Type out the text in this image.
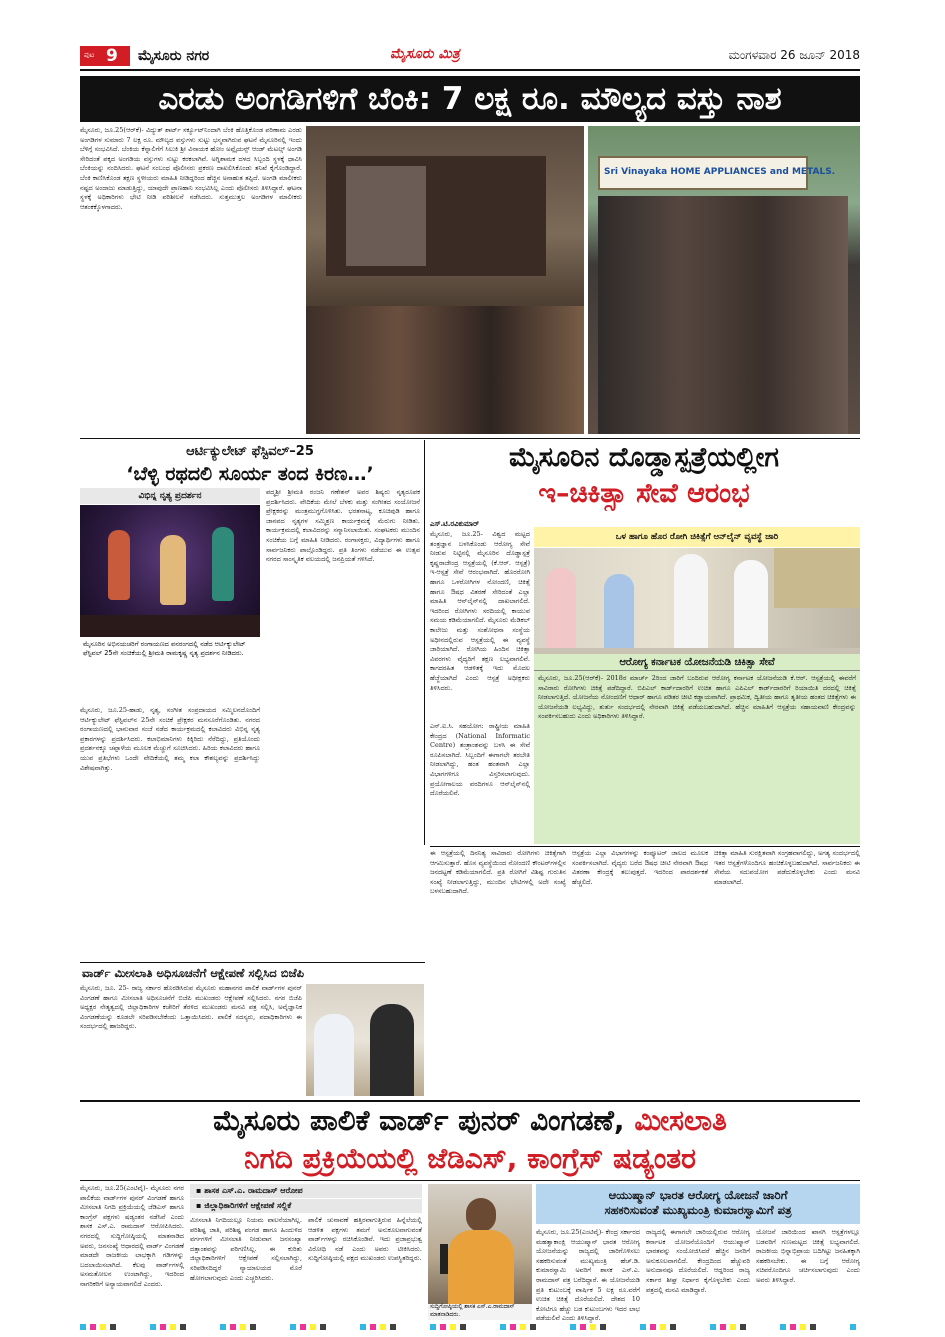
ಪುಟ 9 ಮೈಸೂರು ನಗರ	ಮೈಸೂರು ಮಿತ್ರ	ಮಂಗಳವಾರ 26 ಜೂನ್ 2018
ಎರಡು ಅಂಗಡಿಗಳಿಗೆ ಬೆಂಕಿ: 7 ಲಕ್ಷ ರೂ. ಮೌಲ್ಯದ ವಸ್ತು ನಾಶ
ಮೈಸೂರು, ಜೂ.25(ಆರ್‌ಕೆ)- ವಿದ್ಯುತ್ ಶಾರ್ಟ್ ಸರ್ಕ್ಯೂಟ್‌ನಿಂದಾಗಿ ಬೆಂಕಿ ಹೊತ್ತಿಕೊಂಡ ಪರಿಣಾಮ ಎರಡು ಅಂಗಡಿಗಳ ಸುಮಾರು 7 ಲಕ್ಷ ರೂ. ಮೌಲ್ಯದ ವಸ್ತುಗಳು ಸುಟ್ಟು ಭಸ್ಮವಾಗಿರುವ ಘಟನೆ ಮೈಸೂರಿನಲ್ಲಿ ಇಂದು ಬೆಳಿಗ್ಗೆ ಸಂಭವಿಸಿದೆ. ಬೆಂಕಿಯ ಕೆನ್ನಾಲಿಗೆಗೆ ಸಿಲುಕಿ ಶ್ರೀ ವಿನಾಯಕ ಹೋಂ ಅಪ್ಲೈಯನ್ಸ್ ಆಂಡ್ ಮೆಟಲ್ಸ್ ಅಂಗಡಿ ಸೇರಿದಂತೆ ಪಕ್ಕದ ಅಂಗಡಿಯ ವಸ್ತುಗಳು ಸುಟ್ಟು ಕರಕಲಾಗಿವೆ. ಅಗ್ನಿಶಾಮಕ ದಳದ ಸಿಬ್ಬಂದಿ ಸ್ಥಳಕ್ಕೆ ಧಾವಿಸಿ ಬೆಂಕಿಯನ್ನು ನಂದಿಸಿದರು. ಘಟನೆ ಸಂಬಂಧ ಪೊಲೀಸರು ಪ್ರಕರಣ ದಾಖಲಿಸಿಕೊಂಡು ತನಿಖೆ ಕೈಗೊಂಡಿದ್ದಾರೆ. ಬೆಂಕಿ ಕಾಣಿಸಿಕೊಂಡ ತಕ್ಷಣ ಸ್ಥಳೀಯರು ಮಾಹಿತಿ ನೀಡಿದ್ದರಿಂದ ಹೆಚ್ಚಿನ ಅನಾಹುತ ತಪ್ಪಿದೆ. ಅಂಗಡಿ ಮಾಲೀಕರು ನಷ್ಟದ ಅಂದಾಜು ಮಾಡುತ್ತಿದ್ದು, ಯಾವುದೇ ಪ್ರಾಣಹಾನಿ ಸಂಭವಿಸಿಲ್ಲ ಎಂದು ಪೊಲೀಸರು ತಿಳಿಸಿದ್ದಾರೆ. ಘಟನಾ ಸ್ಥಳಕ್ಕೆ ಅಧಿಕಾರಿಗಳು ಭೇಟಿ ನೀಡಿ ಪರಿಶೀಲನೆ ನಡೆಸಿದರು. ಸುತ್ತಮುತ್ತಲ ಅಂಗಡಿಗಳ ಮಾಲೀಕರು ಆತಂಕಕ್ಕೊಳಗಾದರು.
Sri Vinayaka HOME APPLIANCES and METALS.
ಆರ್ಟಿಕ್ಯುಲೇಟ್ ಫೆಸ್ಟಿವಲ್–25
‘ಬೆಳ್ಳಿ ರಥದಲಿ ಸೂರ್ಯ ತಂದ ಕಿರಣ…’
ವಿಭಿನ್ನ ನೃತ್ಯ ಪ್ರದರ್ಶನ
ಮೈಸೂರಿನ ಅಭಿನಯಚರಿಗೆ ರಂಗಾಯಣದ ವನರಂಗದಲ್ಲಿ ನಡೆದ ಆರ್ಟಿಕ್ಯುಲೇಟ್ ಫೆಸ್ಟಿವಲ್ 25ನೇ ಸಂಚಿಕೆಯಲ್ಲಿ ಶ್ರೀಮತಿ ರಾಮಕೃಷ್ಣ ನೃತ್ಯ ಪ್ರದರ್ಶನ ನೀಡಿದರು.
ಮೈಸೂರು, ಜೂ.25-ಹಾಡು, ನೃತ್ಯ, ಸಂಗೀತ ಸಂಪ್ರದಾಯದ ಸಮ್ಮಿಲನದೊಂದಿಗೆ ಆರ್ಟಿಕ್ಯುಲೇಟ್ ಫೆಸ್ಟಿವಲ್‌ನ 25ನೇ ಸಂಚಿಕೆ ಪ್ರೇಕ್ಷಕರ ಮನಸೂರೆಗೊಂಡಿತು. ನಗರದ ರಂಗಾಯಣದಲ್ಲಿ ಭಾನುವಾರ ಸಂಜೆ ನಡೆದ ಕಾರ್ಯಕ್ರಮದಲ್ಲಿ ಕಲಾವಿದರು ವಿಭಿನ್ನ ನೃತ್ಯ ಪ್ರಕಾರಗಳನ್ನು ಪ್ರದರ್ಶಿಸಿದರು. ಕಲಾಭಿಮಾನಿಗಳು ಕಿಕ್ಕಿರಿದು ನೆರೆದಿದ್ದು, ಪ್ರತಿಯೊಂದು ಪ್ರದರ್ಶನಕ್ಕೂ ಚಪ್ಪಾಳೆಯ ಮೂಲಕ ಮೆಚ್ಚುಗೆ ಸೂಚಿಸಿದರು. ಹಿರಿಯ ಕಲಾವಿದರು ಹಾಗೂ ಯುವ ಪ್ರತಿಭೆಗಳು ಒಂದೇ ವೇದಿಕೆಯಲ್ಲಿ ತಮ್ಮ ಕಲಾ ಕೌಶಲ್ಯವನ್ನು ಪ್ರದರ್ಶಿಸಿದ್ದು ವಿಶೇಷವಾಗಿತ್ತು.
ಪದ್ಮಶ್ರೀ ಶ್ರೀಮತಿ ರಂಜನಿ ಗಣೇಶನ್ ಅವರ ಶಿಷ್ಯರು ನೃತ್ಯರೂಪಕ ಪ್ರದರ್ಶಿಸಿದರು. ವೇದಿಕೆಯ ಮೇಲೆ ಬೆಳಕು ಮತ್ತು ಸಂಗೀತದ ಸಂಯೋಜನೆ ಪ್ರೇಕ್ಷಕರನ್ನು ಮಂತ್ರಮುಗ್ಧಗೊಳಿಸಿತು. ಭರತನಾಟ್ಯ, ಕೂಚಿಪುಡಿ ಹಾಗೂ ಜಾನಪದ ನೃತ್ಯಗಳ ಸಮ್ಮಿಶ್ರಣ ಕಾರ್ಯಕ್ರಮಕ್ಕೆ ಮೆರುಗು ನೀಡಿತು. ಕಾರ್ಯಕ್ರಮದಲ್ಲಿ ಕಲಾವಿದರನ್ನು ಸನ್ಮಾನಿಸಲಾಯಿತು. ಸಂಘಟಕರು ಮುಂದಿನ ಸಂಚಿಕೆಯ ಬಗ್ಗೆ ಮಾಹಿತಿ ನೀಡಿದರು. ರಂಗಾಸಕ್ತರು, ವಿದ್ಯಾರ್ಥಿಗಳು ಹಾಗೂ ಸಾರ್ವಜನಿಕರು ಪಾಲ್ಗೊಂಡಿದ್ದರು. ಪ್ರತಿ ತಿಂಗಳು ನಡೆಯುವ ಈ ಉತ್ಸವ ನಗರದ ಸಾಂಸ್ಕೃತಿಕ ವಲಯದಲ್ಲಿ ಜನಪ್ರಿಯತೆ ಗಳಿಸಿದೆ.
ಮೈಸೂರಿನ ದೊಡ್ಡಾಸ್ಪತ್ರೆಯಲ್ಲೀಗ
ಇ–ಚಿಕಿತ್ಸಾ ಸೇವೆ ಆರಂಭ
ಎಸ್.ಟಿ.ರವಿಕುಮಾರ್
ಮೈಸೂರು, ಜೂ.25- ವಿಶ್ವದ ಮಟ್ಟದ ತಂತ್ರಜ್ಞಾನ ಬಳಸಿಕೊಂಡು ಆರೋಗ್ಯ ಸೇವೆ ನೀಡುವ ನಿಟ್ಟಿನಲ್ಲಿ ಮೈಸೂರಿನ ದೊಡ್ಡಾಸ್ಪತ್ರೆ ಕೃಷ್ಣರಾಜೇಂದ್ರ ಆಸ್ಪತ್ರೆಯಲ್ಲಿ (ಕೆ.ಆರ್. ಆಸ್ಪತ್ರೆ) ಇ-ಆಸ್ಪತ್ರೆ ಸೇವೆ ಆರಂಭವಾಗಿದೆ. ಹೊರರೋಗಿ ಹಾಗೂ ಒಳರೋಗಿಗಳ ನೋಂದಣಿ, ಚಿಕಿತ್ಸೆ ಹಾಗೂ ಔಷಧ ವಿತರಣೆ ಸೇರಿದಂತೆ ಎಲ್ಲಾ ಮಾಹಿತಿ ಆನ್‌ಲೈನ್‌ನಲ್ಲಿ ದಾಖಲಾಗಲಿದೆ. ಇದರಿಂದ ರೋಗಿಗಳು ಸರದಿಯಲ್ಲಿ ಕಾಯುವ ಸಮಯ ಕಡಿಮೆಯಾಗಲಿದೆ. ಮೈಸೂರು ಮೆಡಿಕಲ್ ಕಾಲೇಜು ಮತ್ತು ಸಂಶೋಧನಾ ಸಂಸ್ಥೆಯ ಅಧೀನದಲ್ಲಿರುವ ಆಸ್ಪತ್ರೆಯಲ್ಲಿ ಈ ವ್ಯವಸ್ಥೆ ಜಾರಿಯಾಗಿದೆ. ರೋಗಿಯ ಹಿಂದಿನ ಚಿಕಿತ್ಸಾ ವಿವರಗಳು ವೈದ್ಯರಿಗೆ ತಕ್ಷಣ ಲಭ್ಯವಾಗಲಿವೆ. ಕಾಗದರಹಿತ ಆಡಳಿತಕ್ಕೆ ಇದು ಮೊದಲ ಹೆಜ್ಜೆಯಾಗಿದೆ ಎಂದು ಆಸ್ಪತ್ರೆ ಅಧೀಕ್ಷಕರು ತಿಳಿಸಿದರು.
ಎನ್.ಐ.ಸಿ. ಸಹಯೋಗ: ರಾಷ್ಟ್ರೀಯ ಮಾಹಿತಿ ಕೇಂದ್ರದ (National Informatic Centre) ತಂತ್ರಾಂಶವನ್ನು ಬಳಸಿ ಈ ಸೇವೆ ರೂಪಿಸಲಾಗಿದೆ. ಸಿಬ್ಬಂದಿಗೆ ಈಗಾಗಲೇ ತರಬೇತಿ ನೀಡಲಾಗಿದ್ದು, ಹಂತ ಹಂತವಾಗಿ ಎಲ್ಲಾ ವಿಭಾಗಗಳಿಗೂ ವಿಸ್ತರಿಸಲಾಗುವುದು. ಪ್ರಯೋಗಾಲಯ ವರದಿಗಳೂ ಆನ್‌ಲೈನ್‌ನಲ್ಲಿ ದೊರೆಯಲಿವೆ.
ಒಳ ಹಾಗೂ ಹೊರ ರೋಗಿ ಚಿಕಿತ್ಸೆಗೆ ಆನ್‌ಲೈನ್ ವ್ಯವಸ್ಥೆ ಜಾರಿ
ಆರೋಗ್ಯ ಕರ್ನಾಟಕ ಯೋಜನೆಯಡಿ ಚಿಕಿತ್ಸಾ ಸೇವೆ
ಮೈಸೂರು, ಜೂ.25(ಆರ್‌ಕೆ)- 2018ರ ಮಾರ್ಚ್ 2ರಿಂದ ಜಾರಿಗೆ ಬಂದಿರುವ ಆರೋಗ್ಯ ಕರ್ನಾಟಕ ಯೋಜನೆಯಡಿ ಕೆ.ಆರ್. ಆಸ್ಪತ್ರೆಯಲ್ಲಿ ಈವರೆಗೆ ಸಾವಿರಾರು ರೋಗಿಗಳು ಚಿಕಿತ್ಸೆ ಪಡೆದಿದ್ದಾರೆ. ಬಿಪಿಎಲ್ ಕಾರ್ಡ್‌ದಾರರಿಗೆ ಉಚಿತ ಹಾಗೂ ಎಪಿಎಲ್ ಕಾರ್ಡ್‌ದಾರರಿಗೆ ರಿಯಾಯಿತಿ ದರದಲ್ಲಿ ಚಿಕಿತ್ಸೆ ನೀಡಲಾಗುತ್ತಿದೆ. ಯೋಜನೆಯ ನೋಂದಣಿಗೆ ಆಧಾರ್ ಹಾಗೂ ಪಡಿತರ ಚೀಟಿ ಕಡ್ಡಾಯವಾಗಿದೆ. ಪ್ರಾಥಮಿಕ, ದ್ವಿತೀಯ ಹಾಗೂ ತೃತೀಯ ಹಂತದ ಚಿಕಿತ್ಸೆಗಳು ಈ ಯೋಜನೆಯಡಿ ಲಭ್ಯವಿದ್ದು, ತುರ್ತು ಸಂದರ್ಭದಲ್ಲಿ ನೇರವಾಗಿ ಚಿಕಿತ್ಸೆ ಪಡೆಯಬಹುದಾಗಿದೆ. ಹೆಚ್ಚಿನ ಮಾಹಿತಿಗೆ ಆಸ್ಪತ್ರೆಯ ಸಹಾಯವಾಣಿ ಕೇಂದ್ರವನ್ನು ಸಂಪರ್ಕಿಸಬಹುದು ಎಂದು ಅಧಿಕಾರಿಗಳು ತಿಳಿಸಿದ್ದಾರೆ.
ವಾರ್ಡ್ ಮೀಸಲಾತಿ ಅಧಿಸೂಚನೆಗೆ ಆಕ್ಷೇಪಣೆ ಸಲ್ಲಿಸಿದ ಬಿಜೆಪಿ
ಮೈಸೂರು, ಜೂ. 25- ರಾಜ್ಯ ಸರ್ಕಾರ ಹೊರಡಿಸಿರುವ ಮೈಸೂರು ಮಹಾನಗರ ಪಾಲಿಕೆ ವಾರ್ಡ್‌ಗಳ ಪುನರ್ ವಿಂಗಡಣೆ ಹಾಗೂ ಮೀಸಲಾತಿ ಅಧಿಸೂಚನೆಗೆ ಬಿಜೆಪಿ ಮುಖಂಡರು ಆಕ್ಷೇಪಣೆ ಸಲ್ಲಿಸಿದರು. ನಗರ ಬಿಜೆಪಿ ಅಧ್ಯಕ್ಷರ ನೇತೃತ್ವದಲ್ಲಿ ಜಿಲ್ಲಾಧಿಕಾರಿಗಳ ಕಚೇರಿಗೆ ತೆರಳಿದ ಮುಖಂಡರು ಮನವಿ ಪತ್ರ ಸಲ್ಲಿಸಿ, ಅವೈಜ್ಞಾನಿಕ ವಿಂಗಡಣೆಯನ್ನು ಕೂಡಲೇ ಸರಿಪಡಿಸಬೇಕೆಂದು ಒತ್ತಾಯಿಸಿದರು. ಪಾಲಿಕೆ ಸದಸ್ಯರು, ಪದಾಧಿಕಾರಿಗಳು ಈ ಸಂದರ್ಭದಲ್ಲಿ ಹಾಜರಿದ್ದರು.
ಈ ಆಸ್ಪತ್ರೆಯಲ್ಲಿ ದಿನನಿತ್ಯ ಸಾವಿರಾರು ರೋಗಿಗಳು ಚಿಕಿತ್ಸೆಗಾಗಿ ಆಗಮಿಸುತ್ತಾರೆ. ಹೊಸ ವ್ಯವಸ್ಥೆಯಿಂದ ನೋಂದಣಿ ಕೌಂಟರ್‌ಗಳಲ್ಲಿನ ಜನದಟ್ಟಣೆ ಕಡಿಮೆಯಾಗಲಿದೆ. ಪ್ರತಿ ರೋಗಿಗೆ ವಿಶಿಷ್ಟ ಗುರುತಿನ ಸಂಖ್ಯೆ ನೀಡಲಾಗುತ್ತಿದ್ದು, ಮುಂದಿನ ಭೇಟಿಗಳಲ್ಲಿ ಅದೇ ಸಂಖ್ಯೆ ಬಳಸಬಹುದಾಗಿದೆ.
ಆಸ್ಪತ್ರೆಯ ಎಲ್ಲಾ ವಿಭಾಗಗಳನ್ನು ಕಂಪ್ಯೂಟರ್ ಜಾಲದ ಮೂಲಕ ಸಂಪರ್ಕಿಸಲಾಗಿದೆ. ವೈದ್ಯರು ಬರೆದ ಔಷಧ ಚೀಟಿ ನೇರವಾಗಿ ಔಷಧ ವಿತರಣಾ ಕೇಂದ್ರಕ್ಕೆ ತಲುಪುತ್ತದೆ. ಇದರಿಂದ ಪಾರದರ್ಶಕತೆ ಹೆಚ್ಚಲಿದೆ.
ಚಿಕಿತ್ಸಾ ಮಾಹಿತಿ ಸುರಕ್ಷಿತವಾಗಿ ಸಂಗ್ರಹವಾಗಲಿದ್ದು, ಅಗತ್ಯ ಸಂದರ್ಭದಲ್ಲಿ ಇತರ ಆಸ್ಪತ್ರೆಗಳೊಂದಿಗೂ ಹಂಚಿಕೊಳ್ಳಬಹುದಾಗಿದೆ. ಸಾರ್ವಜನಿಕರು ಈ ಸೇವೆಯ ಸದುಪಯೋಗ ಪಡೆದುಕೊಳ್ಳಬೇಕು ಎಂದು ಮನವಿ ಮಾಡಲಾಗಿದೆ.
ಮೈಸೂರು ಪಾಲಿಕೆ ವಾರ್ಡ್ ಪುನರ್ ವಿಂಗಡಣೆ, ಮೀಸಲಾತಿ
ನಿಗದಿ ಪ್ರಕ್ರಿಯೆಯಲ್ಲಿ ಜೆಡಿಎಸ್, ಕಾಂಗ್ರೆಸ್ ಷಡ್ಯಂತರ
ಮೈಸೂರು, ಜೂ.25(ಎಂಟಿವೈ)- ಮೈಸೂರು ನಗರ ಪಾಲಿಕೆಯ ವಾರ್ಡ್‌ಗಳ ಪುನರ್ ವಿಂಗಡಣೆ ಹಾಗೂ ಮೀಸಲಾತಿ ನಿಗದಿ ಪ್ರಕ್ರಿಯೆಯಲ್ಲಿ ಜೆಡಿಎಸ್ ಹಾಗೂ ಕಾಂಗ್ರೆಸ್ ಪಕ್ಷಗಳು ಷಡ್ಯಂತರ ನಡೆಸಿವೆ ಎಂದು ಶಾಸಕ ಎಸ್.ಎ. ರಾಮದಾಸ್ ಆರೋಪಿಸಿದರು. ನಗರದಲ್ಲಿ ಸುದ್ದಿಗೋಷ್ಠಿಯಲ್ಲಿ ಮಾತನಾಡಿದ ಅವರು, ಜನಸಂಖ್ಯೆ ಆಧಾರದಲ್ಲಿ ವಾರ್ಡ್ ವಿಂಗಡಣೆ ಮಾಡದೇ ರಾಜಕೀಯ ಲಾಭಕ್ಕಾಗಿ ಗಡಿಗಳನ್ನು ಬದಲಾಯಿಸಲಾಗಿದೆ. ಕೆಲವು ವಾರ್ಡ್‌ಗಳಲ್ಲಿ ಅಸಮತೋಲನ ಉಂಟಾಗಿದ್ದು, ಇದರಿಂದ ನಾಗರಿಕರಿಗೆ ಅನ್ಯಾಯವಾಗಲಿದೆ ಎಂದರು.
▪ ಶಾಸಕ ಎಸ್.ಎ. ರಾಮದಾಸ್ ಆರೋಪ
▪ ಜಿಲ್ಲಾಧಿಕಾರಿಗಳಿಗೆ ಆಕ್ಷೇಪಣೆ ಸಲ್ಲಿಕೆ
ಮೀಸಲಾತಿ ನಿಗದಿಯಲ್ಲೂ ನಿಯಮ ಪಾಲನೆಯಾಗಿಲ್ಲ. ಪರಿಶಿಷ್ಟ ಜಾತಿ, ಪರಿಶಿಷ್ಟ ಪಂಗಡ ಹಾಗೂ ಹಿಂದುಳಿದ ವರ್ಗಗಳಿಗೆ ಮೀಸಲಾತಿ ನೀಡುವಾಗ ಜನಸಂಖ್ಯಾ ದತ್ತಾಂಶವನ್ನು ಪರಿಗಣಿಸಿಲ್ಲ. ಈ ಕುರಿತು ಜಿಲ್ಲಾಧಿಕಾರಿಗಳಿಗೆ ಆಕ್ಷೇಪಣೆ ಸಲ್ಲಿಸಲಾಗಿದ್ದು, ಸರಿಪಡಿಸದಿದ್ದರೆ ನ್ಯಾಯಾಲಯದ ಮೊರೆ ಹೋಗಲಾಗುವುದು ಎಂದು ಎಚ್ಚರಿಸಿದರು.
ಪಾಲಿಕೆ ಚುನಾವಣೆ ಹತ್ತಿರವಾಗುತ್ತಿರುವ ಹಿನ್ನೆಲೆಯಲ್ಲಿ ಆಡಳಿತ ಪಕ್ಷಗಳು ತಮಗೆ ಅನುಕೂಲವಾಗುವಂತೆ ವಾರ್ಡ್‌ಗಳನ್ನು ರಚಿಸಿಕೊಂಡಿವೆ. ಇದು ಪ್ರಜಾಪ್ರಭುತ್ವ ವಿರೋಧಿ ನಡೆ ಎಂದು ಅವರು ಟೀಕಿಸಿದರು. ಸುದ್ದಿಗೋಷ್ಠಿಯಲ್ಲಿ ಪಕ್ಷದ ಮುಖಂಡರು ಉಪಸ್ಥಿತರಿದ್ದರು.
ಸುದ್ದಿಗೋಷ್ಠಿಯಲ್ಲಿ ಶಾಸಕ ಎಸ್.ಎ.ರಾಮದಾಸ್ ಮಾತನಾಡಿದರು.
ಆಯುಷ್ಮಾನ್ ಭಾರತ ಆರೋಗ್ಯ ಯೋಜನೆ ಜಾರಿಗೆ
ಸಹಕರಿಸುವಂತೆ ಮುಖ್ಯಮಂತ್ರಿ ಕುಮಾರಸ್ವಾಮಿಗೆ ಪತ್ರ
ಮೈಸೂರು, ಜೂ.25(ಎಂಟಿವೈ)- ಕೇಂದ್ರ ಸರ್ಕಾರದ ಮಹತ್ವಾಕಾಂಕ್ಷಿ ಆಯುಷ್ಮಾನ್ ಭಾರತ ಆರೋಗ್ಯ ಯೋಜನೆಯನ್ನು ರಾಜ್ಯದಲ್ಲಿ ಜಾರಿಗೊಳಿಸಲು ಸಹಕರಿಸುವಂತೆ ಮುಖ್ಯಮಂತ್ರಿ ಹೆಚ್.ಡಿ. ಕುಮಾರಸ್ವಾಮಿ ಅವರಿಗೆ ಶಾಸಕ ಎಸ್.ಎ. ರಾಮದಾಸ್ ಪತ್ರ ಬರೆದಿದ್ದಾರೆ. ಈ ಯೋಜನೆಯಡಿ ಪ್ರತಿ ಕುಟುಂಬಕ್ಕೆ ವಾರ್ಷಿಕ 5 ಲಕ್ಷ ರೂ.ವರೆಗೆ ಉಚಿತ ಚಿಕಿತ್ಸೆ ದೊರೆಯಲಿದೆ. ದೇಶದ 10 ಕೋಟಿಗೂ ಹೆಚ್ಚು ಬಡ ಕುಟುಂಬಗಳು ಇದರ ಲಾಭ ಪಡೆಯಲಿವೆ ಎಂದು ತಿಳಿಸಿದ್ದಾರೆ.
ರಾಜ್ಯದಲ್ಲಿ ಈಗಾಗಲೇ ಜಾರಿಯಲ್ಲಿರುವ ಆರೋಗ್ಯ ಕರ್ನಾಟಕ ಯೋಜನೆಯೊಂದಿಗೆ ಆಯುಷ್ಮಾನ್ ಭಾರತವನ್ನು ಸಂಯೋಜಿಸಿದರೆ ಹೆಚ್ಚಿನ ಜನರಿಗೆ ಅನುಕೂಲವಾಗಲಿದೆ. ಕೇಂದ್ರದಿಂದ ಹೆಚ್ಚುವರಿ ಅನುದಾನವೂ ದೊರೆಯಲಿದೆ. ಆದ್ದರಿಂದ ರಾಜ್ಯ ಸರ್ಕಾರ ಶೀಘ್ರ ನಿರ್ಧಾರ ಕೈಗೊಳ್ಳಬೇಕು ಎಂದು ಪತ್ರದಲ್ಲಿ ಮನವಿ ಮಾಡಿದ್ದಾರೆ.
ಯೋಜನೆ ಜಾರಿಯಿಂದ ಖಾಸಗಿ ಆಸ್ಪತ್ರೆಗಳಲ್ಲೂ ಬಡವರಿಗೆ ಗುಣಮಟ್ಟದ ಚಿಕಿತ್ಸೆ ಲಭ್ಯವಾಗಲಿದೆ. ರಾಜಕೀಯ ಭಿನ್ನಾಭಿಪ್ರಾಯ ಬದಿಗಿಟ್ಟು ಜನಹಿತಕ್ಕಾಗಿ ಸಹಕರಿಸಬೇಕು. ಈ ಬಗ್ಗೆ ಆರೋಗ್ಯ ಸಚಿವರೊಂದಿಗೂ ಚರ್ಚಿಸಲಾಗುವುದು ಎಂದು ಅವರು ತಿಳಿಸಿದ್ದಾರೆ.
